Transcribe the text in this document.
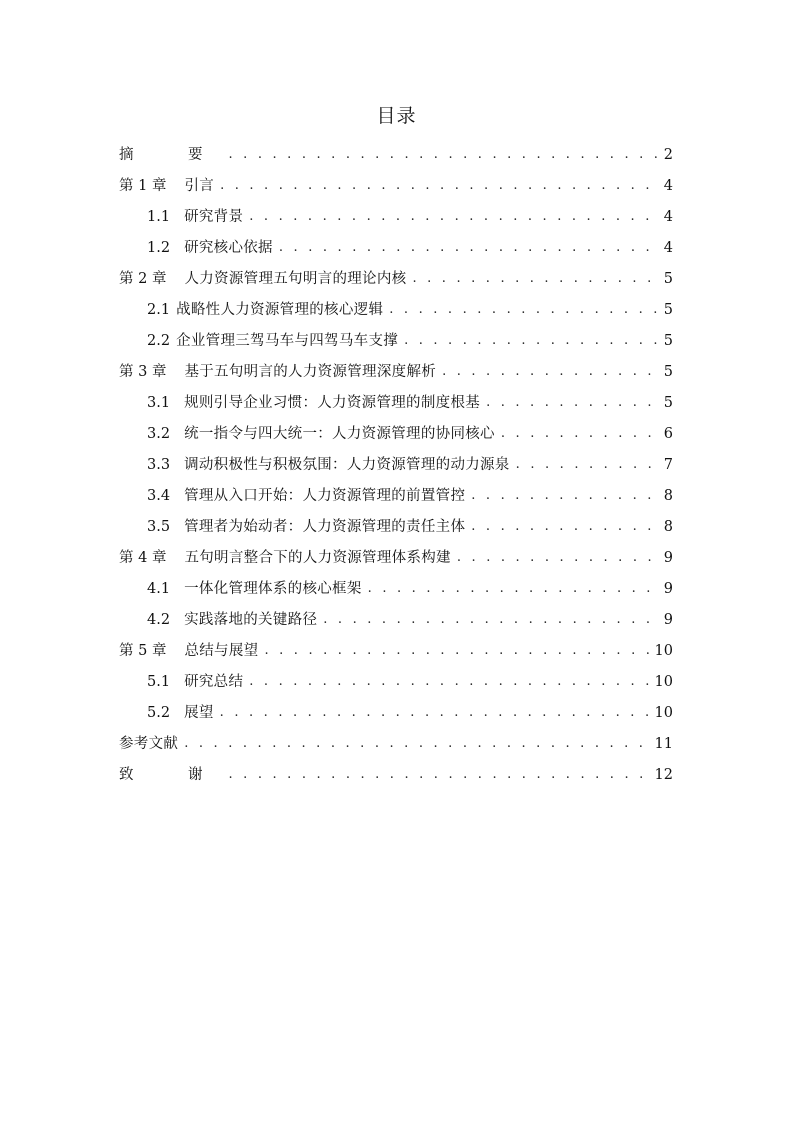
目录
摘　要 . . .	2
第 1 章 引言 . . .	4
1.1 研究背景 . . .	4
1.2 研究核心依据 . . .	4
第 2 章 人力资源管理五句明言的理论内核 . . .	5
2.1 战略性人力资源管理的核心逻辑 . . .	5
2.2 企业管理三驾马车与四驾马车支撑 . . .	5
第 3 章 基于五句明言的人力资源管理深度解析 . . .	5
3.1 规则引导企业习惯：人力资源管理的制度根基 . . .	5
3.2 统一指令与四大统一：人力资源管理的协同核心 . . .	6
3.3 调动积极性与积极氛围：人力资源管理的动力源泉 . . .	7
3.4 管理从入口开始：人力资源管理的前置管控 . . .	8
3.5 管理者为始动者：人力资源管理的责任主体 . . .	8
第 4 章 五句明言整合下的人力资源管理体系构建 . . .	9
4.1 一体化管理体系的核心框架 . . .	9
4.2 实践落地的关键路径 . . .	9
第 5 章 总结与展望 . . .	10
5.1 研究总结 . . .	10
5.2 展望 . . .	10
参考文献 . . .	11
致　谢 . . .	12
